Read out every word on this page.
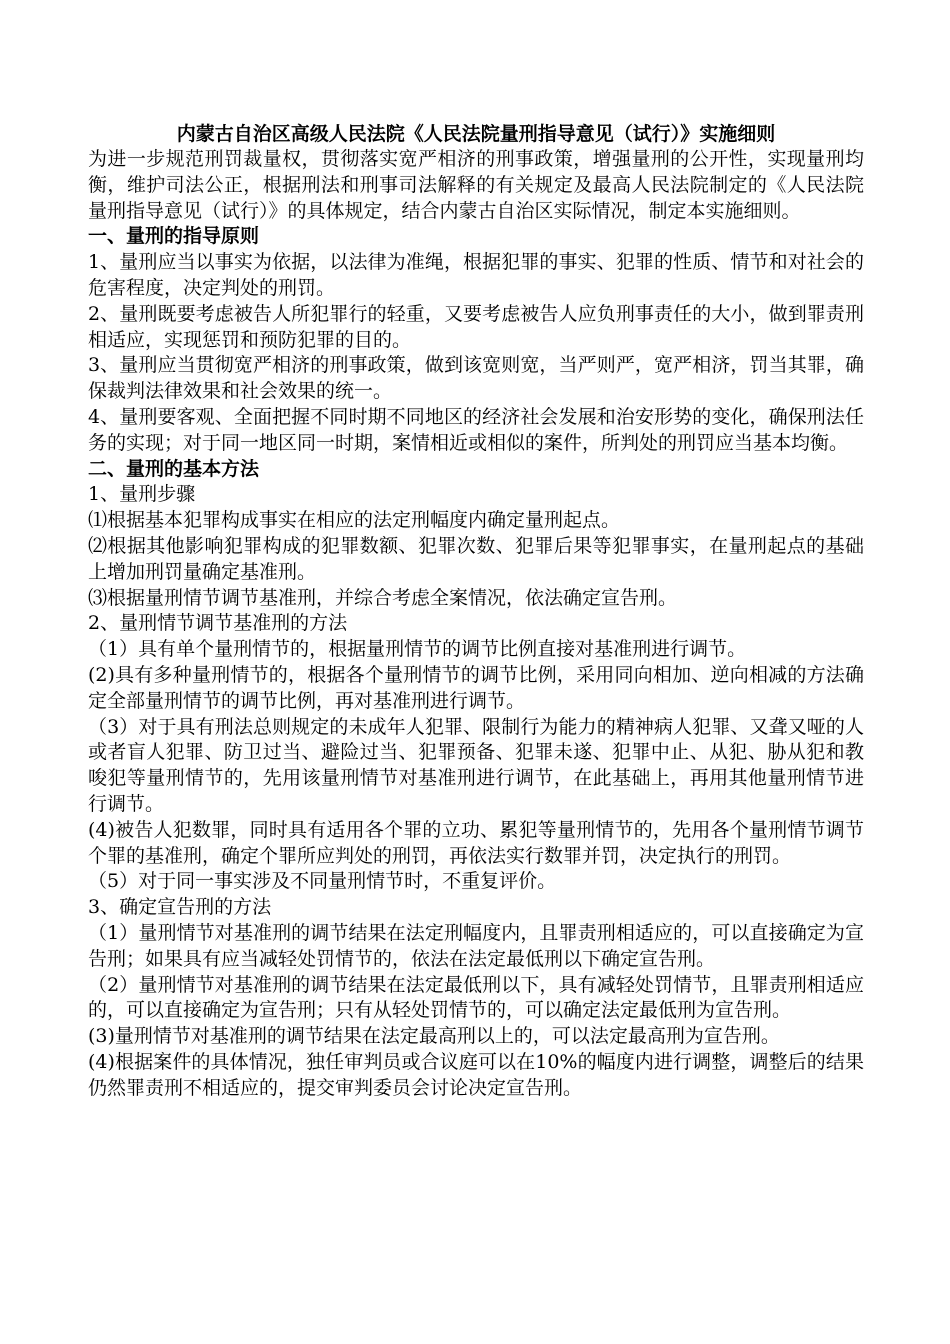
内蒙古自治区高级人民法院《人民法院量刑指导意见（试行）》实施细则

为进一步规范刑罚裁量权，贯彻落实宽严相济的刑事政策，增强量刑的公开性，实现量刑均衡，维护司法公正，根据刑法和刑事司法解释的有关规定及最高人民法院制定的《人民法院量刑指导意见（试行）》的具体规定，结合内蒙古自治区实际情况，制定本实施细则。

一、量刑的指导原则

1、量刑应当以事实为依据，以法律为准绳，根据犯罪的事实、犯罪的性质、情节和对社会的危害程度，决定判处的刑罚。

2、量刑既要考虑被告人所犯罪行的轻重，又要考虑被告人应负刑事责任的大小，做到罪责刑相适应，实现惩罚和预防犯罪的目的。

3、量刑应当贯彻宽严相济的刑事政策，做到该宽则宽，当严则严，宽严相济，罚当其罪，确保裁判法律效果和社会效果的统一。

4、量刑要客观、全面把握不同时期不同地区的经济社会发展和治安形势的变化，确保刑法任务的实现；对于同一地区同一时期，案情相近或相似的案件，所判处的刑罚应当基本均衡。

二、量刑的基本方法

1、量刑步骤

⑴根据基本犯罪构成事实在相应的法定刑幅度内确定量刑起点。

⑵根据其他影响犯罪构成的犯罪数额、犯罪次数、犯罪后果等犯罪事实，在量刑起点的基础上增加刑罚量确定基准刑。

⑶根据量刑情节调节基准刑，并综合考虑全案情况，依法确定宣告刑。

2、量刑情节调节基准刑的方法

（1）具有单个量刑情节的，根据量刑情节的调节比例直接对基准刑进行调节。

(2)具有多种量刑情节的，根据各个量刑情节的调节比例，采用同向相加、逆向相减的方法确定全部量刑情节的调节比例，再对基准刑进行调节。

（3）对于具有刑法总则规定的未成年人犯罪、限制行为能力的精神病人犯罪、又聋又哑的人或者盲人犯罪、防卫过当、避险过当、犯罪预备、犯罪未遂、犯罪中止、从犯、胁从犯和教唆犯等量刑情节的，先用该量刑情节对基准刑进行调节，在此基础上，再用其他量刑情节进行调节。

(4)被告人犯数罪，同时具有适用各个罪的立功、累犯等量刑情节的，先用各个量刑情节调节个罪的基准刑，确定个罪所应判处的刑罚，再依法实行数罪并罚，决定执行的刑罚。

（5）对于同一事实涉及不同量刑情节时，不重复评价。

3、确定宣告刑的方法

（1）量刑情节对基准刑的调节结果在法定刑幅度内，且罪责刑相适应的，可以直接确定为宣告刑；如果具有应当减轻处罚情节的，依法在法定最低刑以下确定宣告刑。

（2）量刑情节对基准刑的调节结果在法定最低刑以下，具有减轻处罚情节，且罪责刑相适应的，可以直接确定为宣告刑；只有从轻处罚情节的，可以确定法定最低刑为宣告刑。

(3)量刑情节对基准刑的调节结果在法定最高刑以上的，可以法定最高刑为宣告刑。

(4)根据案件的具体情况，独任审判员或合议庭可以在10%的幅度内进行调整，调整后的结果仍然罪责刑不相适应的，提交审判委员会讨论决定宣告刑。
